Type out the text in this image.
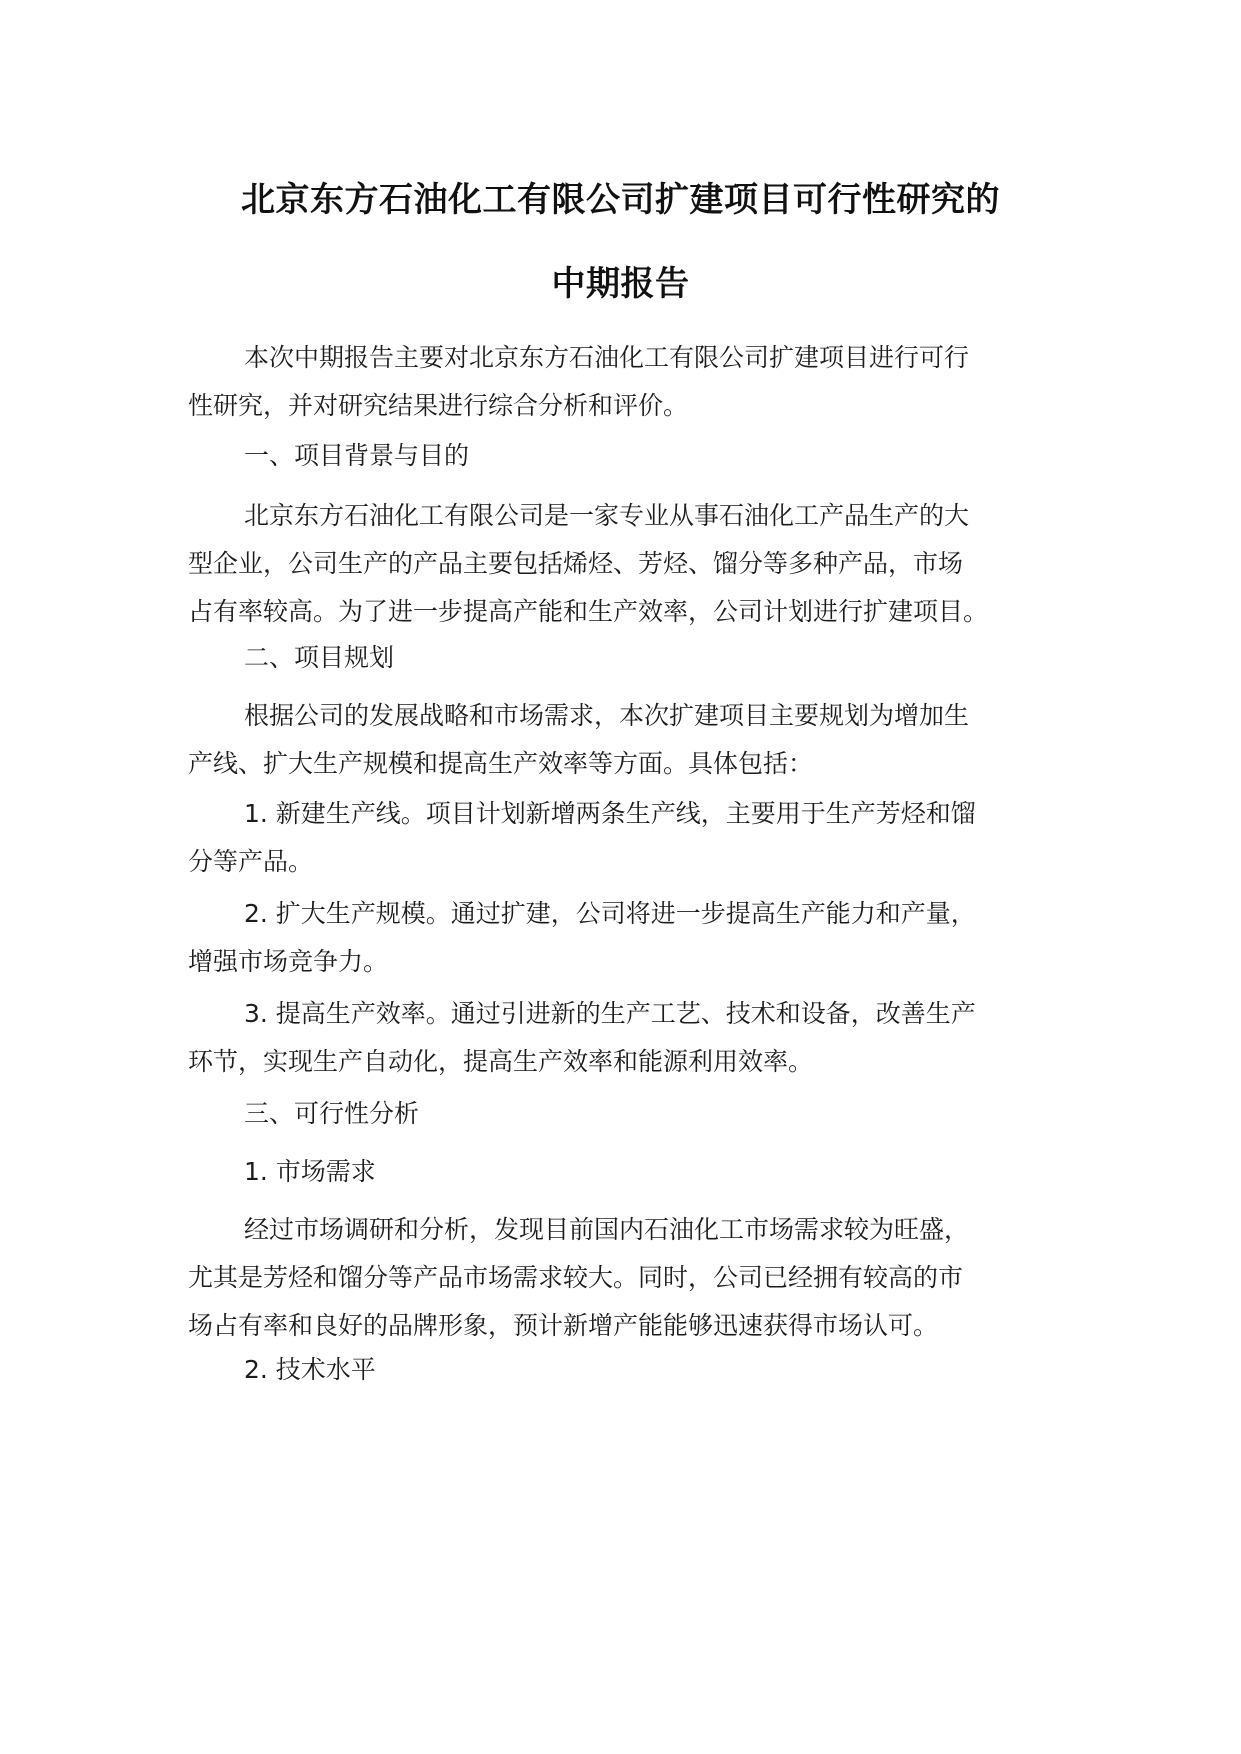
北京东方石油化工有限公司扩建项目可行性研究的
中期报告
本次中期报告主要对北京东方石油化工有限公司扩建项目进行可行
性研究，并对研究结果进行综合分析和评价。
一、项目背景与目的
北京东方石油化工有限公司是一家专业从事石油化工产品生产的大
型企业，公司生产的产品主要包括烯烃、芳烃、馏分等多种产品，市场
占有率较高。为了进一步提高产能和生产效率，公司计划进行扩建项目。
二、项目规划
根据公司的发展战略和市场需求，本次扩建项目主要规划为增加生
产线、扩大生产规模和提高生产效率等方面。具体包括：
1. 新建生产线。项目计划新增两条生产线，主要用于生产芳烃和馏
分等产品。
2. 扩大生产规模。通过扩建，公司将进一步提高生产能力和产量，
增强市场竞争力。
3. 提高生产效率。通过引进新的生产工艺、技术和设备，改善生产
环节，实现生产自动化，提高生产效率和能源利用效率。
三、可行性分析
1. 市场需求
经过市场调研和分析，发现目前国内石油化工市场需求较为旺盛，
尤其是芳烃和馏分等产品市场需求较大。同时，公司已经拥有较高的市
场占有率和良好的品牌形象，预计新增产能能够迅速获得市场认可。
2. 技术水平
